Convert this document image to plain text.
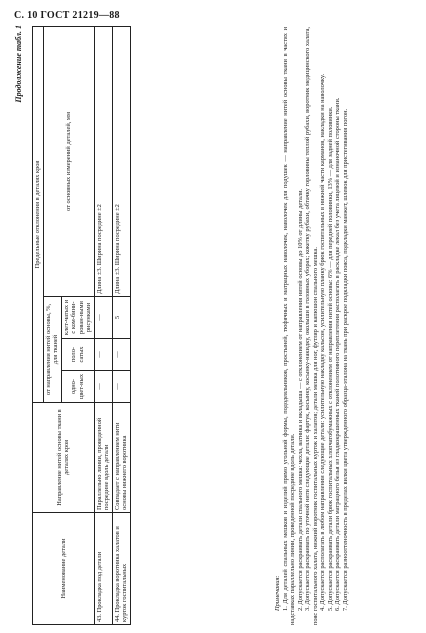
С. 10 ГОСТ 21219—88
Продолжение табл. 1
Наименование детали	Направление нитей основы ткани в деталях кроя	Предельные отклонения в деталях кроя			
		от направления нитей основы, %, для тканей			от основных измерений деталей, мм
		одно-цвет-ных	поло-сатых	клет-чатых и с ком-бини-рован-ными рисунками	
43. Прокладка под детали	Параллельно линии, проведенной посредине вдоль детали	—	—	—	Длина ±3. Ширина посредине ±2
44. Прокладка воротника халатов и курток госпитальных	Совпадает с направлением нити основы нижнего воротника	—	—	5	Длина ±3. Ширина посредине ±2

Примечания: 1. Для деталей спальных мешков и изделий прямо угольной формы, пододеяльников, простыней, тюфячных и матрацных наволочек, наволочек для подушек — направление нитей основы ткани в частях и надставках параллельно линии, проведенной посредине вдоль детали. 2. Допускается раскраивать детали спального мешка: чехла, ватника и вкладыша — с отклонением от направления нитей основы до 10% от длины детали. 3. Допускается раскраивать по уточной нити следующие детали: фартук, косынку, косынку-накидку, околыши в головных уборах; кокетку рубахи, обтачку горловины теплой рубахи, воротник медицинского халата, пояс госпитального халата, нижний воротник госпитальных курток и халатов; детали мешка для ног, футляр и капюшон спального мешка. 4. Допускается располагать в любом направлении следующие детали: усилительную накладку кальсон, усилительную планку брюк госпитальных в нижней части карманов, накладки на наволочку. 5. Допускается раскраивать детали брюк госпитальных хлопчатобумажных с отклонением от направления нитей основы: 6% — для передней половинки, 13% — для задней половинки. 6. Допускается раскраивать детали матрацного белья из гладкокрашенных тканей полотняного переплетения располагать в раскладке лекал без учета лицевой и изнаночной стороны ткани. 7. Допускается разнооттеночность в пределах вилки цвета утвержденного образца-эталона на ткань при раскрое подкладки пояса, подкладки манжет, шлевок для пристегивания погон.
